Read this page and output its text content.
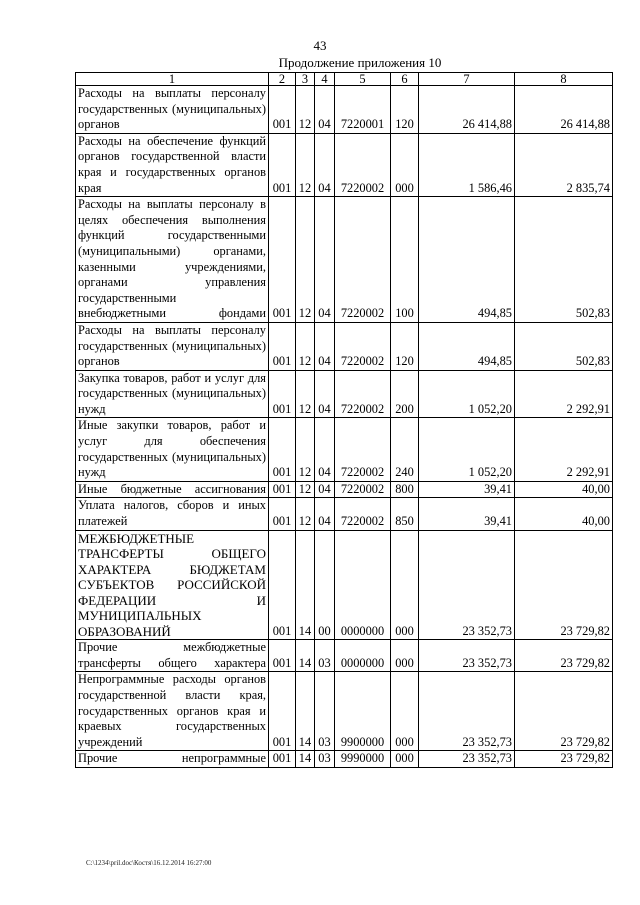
43
Продолжение приложения 10
1	2	3	4	5	6	7	8
Расходы на выплаты персоналу государственных (муниципальных) органов	001	12	04	7220001	120	26 414,88	26 414,88
Расходы на обеспечение функций органов государственной власти края и государственных органов края	001	12	04	7220002	000	1 586,46	2 835,74
Расходы на выплаты персоналу в целях обеспечения выполнения функций государственными (муниципальными) органами, казенными учреждениями, органами управления государственными внебюджетными фондами	001	12	04	7220002	100	494,85	502,83
Расходы на выплаты персоналу государственных (муниципальных) органов	001	12	04	7220002	120	494,85	502,83
Закупка товаров, работ и услуг для государственных (муниципальных) нужд	001	12	04	7220002	200	1 052,20	2 292,91
Иные закупки товаров, работ и услуг для обеспечения государственных (муниципальных) нужд	001	12	04	7220002	240	1 052,20	2 292,91
Иные бюджетные ассигнования	001	12	04	7220002	800	39,41	40,00
Уплата налогов, сборов и иных платежей	001	12	04	7220002	850	39,41	40,00
МЕЖБЮДЖЕТНЫЕ ТРАНСФЕРТЫ ОБЩЕГО ХАРАКТЕРА БЮДЖЕТАМ СУБЪЕКТОВ РОССИЙСКОЙ ФЕДЕРАЦИИ И МУНИЦИПАЛЬНЫХ ОБРАЗОВАНИЙ	001	14	00	0000000	000	23 352,73	23 729,82
Прочие межбюджетные трансферты общего характера	001	14	03	0000000	000	23 352,73	23 729,82
Непрограммные расходы органов государственной власти края, государственных органов края и краевых государственных учреждений	001	14	03	9900000	000	23 352,73	23 729,82
Прочие непрограммные	001	14	03	9990000	000	23 352,73	23 729,82
C:\1234\pril.doc\Костя\16.12.2014 16:27:00
